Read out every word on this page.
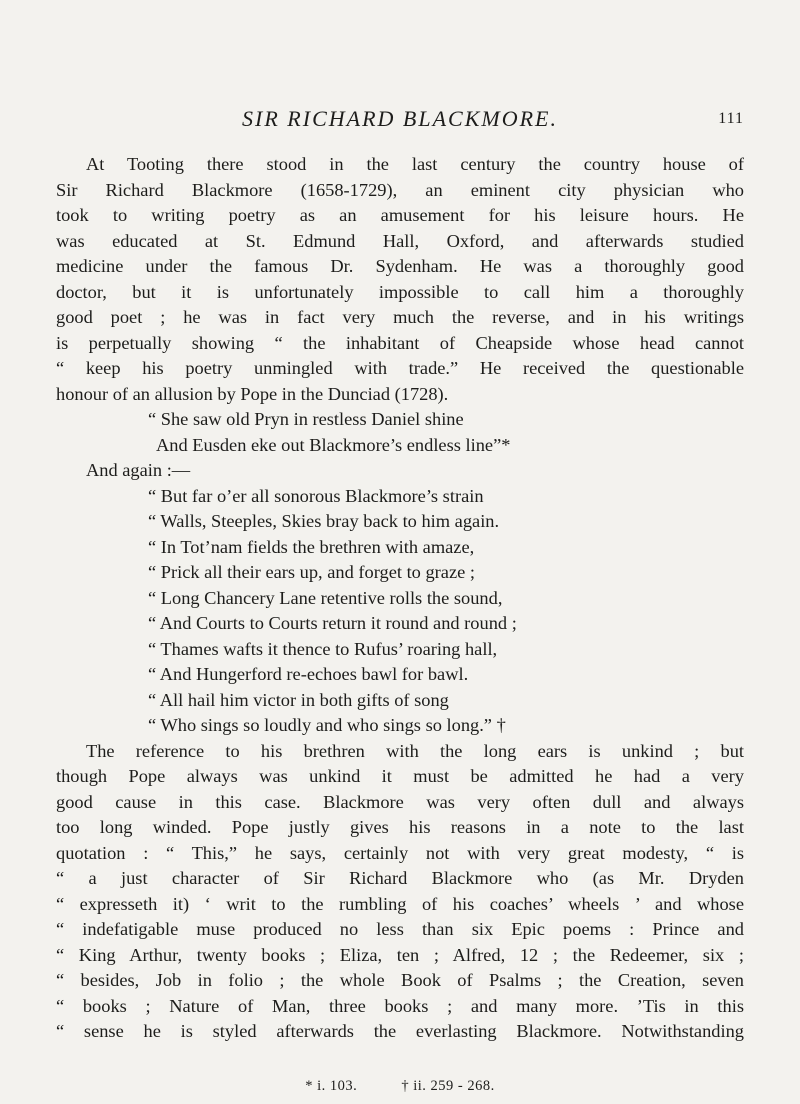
SIR RICHARD BLACKMORE.	111
At Tooting there stood in the last century the country house of
Sir Richard Blackmore (1658-1729), an eminent city physician who
took to writing poetry as an amusement for his leisure hours. He
was educated at St. Edmund Hall, Oxford, and afterwards studied
medicine under the famous Dr. Sydenham. He was a thoroughly good
doctor, but it is unfortunately impossible to call him a thoroughly
good poet ; he was in fact very much the reverse, and in his writings
is perpetually showing “ the inhabitant of Cheapside whose head cannot
“ keep his poetry unmingled with trade.” He received the questionable
honour of an allusion by Pope in the Dunciad (1728).
“ She saw old Pryn in restless Daniel shine
And Eusden eke out Blackmore’s endless line”*
And again :—
“ But far o’er all sonorous Blackmore’s strain
“ Walls, Steeples, Skies bray back to him again.
“ In Tot’nam fields the brethren with amaze,
“ Prick all their ears up, and forget to graze ;
“ Long Chancery Lane retentive rolls the sound,
“ And Courts to Courts return it round and round ;
“ Thames wafts it thence to Rufus’ roaring hall,
“ And Hungerford re-echoes bawl for bawl.
“ All hail him victor in both gifts of song
“ Who sings so loudly and who sings so long.” †
The reference to his brethren with the long ears is unkind ; but
though Pope always was unkind it must be admitted he had a very
good cause in this case. Blackmore was very often dull and always
too long winded. Pope justly gives his reasons in a note to the last
quotation : “ This,” he says, certainly not with very great modesty, “ is
“ a just character of Sir Richard Blackmore who (as Mr. Dryden
“ expresseth it) ‘ writ to the rumbling of his coaches’ wheels ’ and whose
“ indefatigable muse produced no less than six Epic poems : Prince and
“ King Arthur, twenty books ; Eliza, ten ; Alfred, 12 ; the Redeemer, six ;
“ besides, Job in folio ; the whole Book of Psalms ; the Creation, seven
“ books ; Nature of Man, three books ; and many more. ’Tis in this
“ sense he is styled afterwards the everlasting Blackmore. Notwithstanding
* i. 103.	† ii. 259 - 268.
